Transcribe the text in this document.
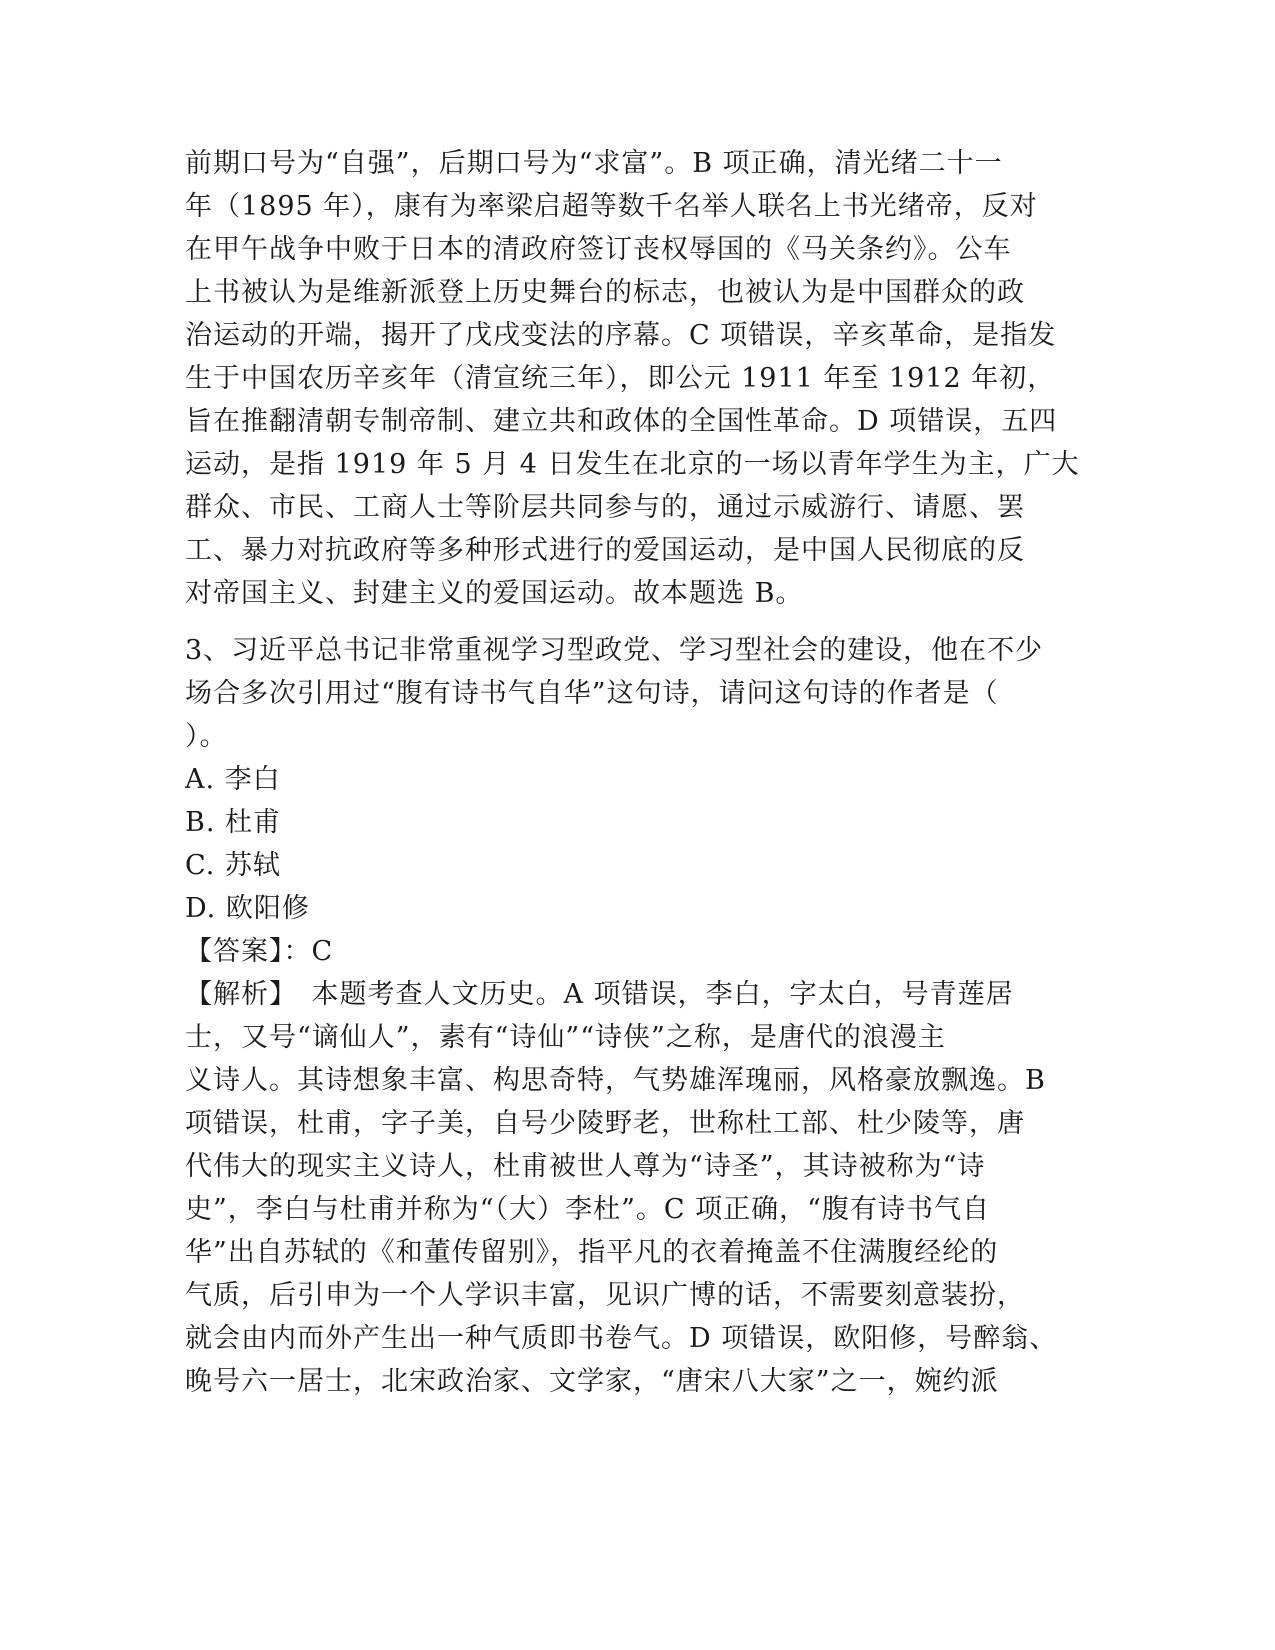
前期口号为“自强”，后期口号为“求富”。B 项正确，清光绪二十一
年（1895 年），康有为率梁启超等数千名举人联名上书光绪帝，反对
在甲午战争中败于日本的清政府签订丧权辱国的《马关条约》。公车
上书被认为是维新派登上历史舞台的标志，也被认为是中国群众的政
治运动的开端，揭开了戊戌变法的序幕。C 项错误，辛亥革命，是指发
生于中国农历辛亥年（清宣统三年），即公元 1911 年至 1912 年初，
旨在推翻清朝专制帝制、建立共和政体的全国性革命。D 项错误，五四
运动，是指 1919 年 5 月 4 日发生在北京的一场以青年学生为主，广大
群众、市民、工商人士等阶层共同参与的，通过示威游行、请愿、罢
工、暴力对抗政府等多种形式进行的爱国运动，是中国人民彻底的反
对帝国主义、封建主义的爱国运动。故本题选 B。
3、习近平总书记非常重视学习型政党、学习型社会的建设，他在不少
场合多次引用过“腹有诗书气自华”这句诗，请问这句诗的作者是（
）。
A. 李白
B. 杜甫
C. 苏轼
D. 欧阳修
【答案】：C
【解析】　本题考查人文历史。A 项错误，李白，字太白，号青莲居
士，又号“谪仙人”，素有“诗仙”“诗侠”之称，是唐代的浪漫主
义诗人。其诗想象丰富、构思奇特，气势雄浑瑰丽，风格豪放飘逸。B
项错误，杜甫，字子美，自号少陵野老，世称杜工部、杜少陵等，唐
代伟大的现实主义诗人，杜甫被世人尊为“诗圣”，其诗被称为“诗
史”，李白与杜甫并称为“（大）李杜”。C 项正确，“腹有诗书气自
华”出自苏轼的《和董传留别》，指平凡的衣着掩盖不住满腹经纶的
气质，后引申为一个人学识丰富，见识广博的话，不需要刻意装扮，
就会由内而外产生出一种气质即书卷气。D 项错误，欧阳修，号醉翁、
晚号六一居士，北宋政治家、文学家，“唐宋八大家”之一，婉约派
